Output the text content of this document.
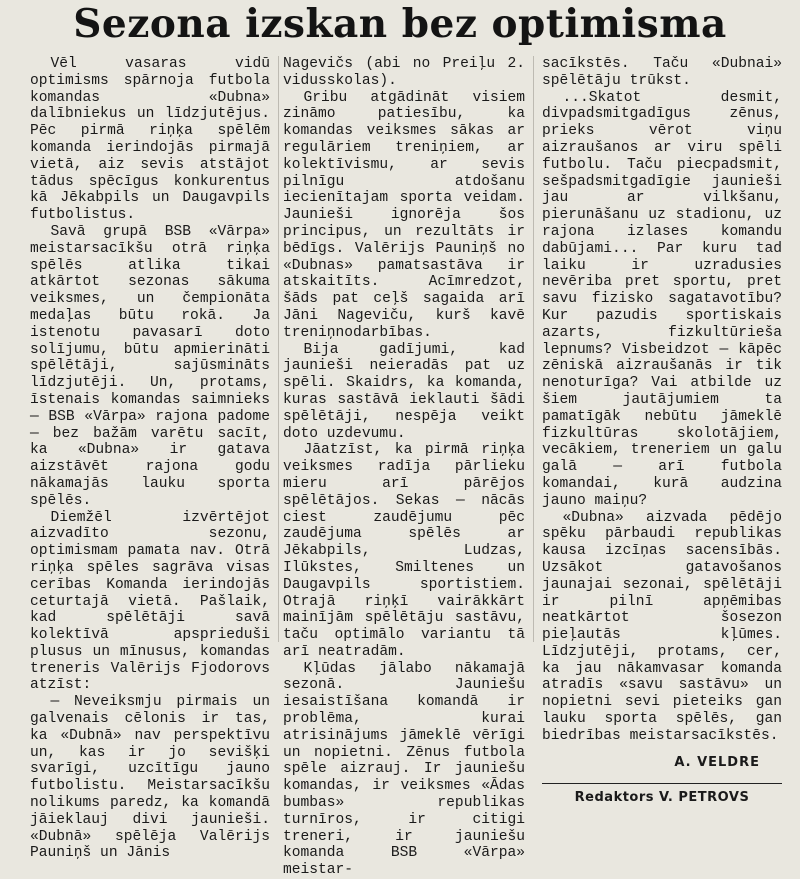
Sezona izskan bez optimisma

Vēl vasaras vidū optimisms spārnoja futbola komandas «Dubna» dalībniekus un līdzjutējus. Pēc pirmā riņķa spēlēm komanda ierindojās pirmajā vietā, aiz sevis atstājot tādus spēcīgus konkurentus kā Jēkabpils un Daugavpils futbolistus.

Savā grupā BSB «Vārpa» meistarsacīkšu otrā riņķa spēlēs atlika tikai atkārtot sezonas sākuma veiksmes, un čempionāta medaļas būtu rokā. Ja istenotu pavasarī doto solījumu, būtu apmierināti spēlētāji, sajūsmināts līdzjutēji. Un, protams, īstenais komandas saimnieks — BSB «Vārpa» rajona padome — bez bažām varētu sacīt, ka «Dubna» ir gatava aizstāvēt rajona godu nākamajās lauku sporta spēlēs.

Diemžēl izvērtējot aizvadīto sezonu, optimismam pamata nav. Otrā riņķa spēles sagrāva visas cerības Komanda ierindojās ceturtajā vietā. Pašlaik, kad spēlētāji savā kolektīvā apsprieduši plusus un mīnusus, komandas treneris Valērijs Fjodorovs atzīst:

— Neveiksmju pirmais un galvenais cēlonis ir tas, ka «Dubnā» nav perspektīvu un, kas ir jo sevišķi svarīgi, uzcītīgu jauno futbolistu. Meistarsacīkšu nolikums paredz, ka komandā jāieklauj divi jaunieši. «Dubnā» spēlēja Valērijs Pauniņš un Jānis

Nagevičs (abi no Preiļu 2. vidusskolas).

Gribu atgādināt visiem zināmo patiesību, ka komandas veiksmes sākas ar regulāriem treniņiem, ar kolektīvismu, ar sevis pilnīgu atdošanu iecienītajam sporta veidam. Jaunieši ignorēja šos principus, un rezultāts ir bēdīgs. Valērijs Pauniņš no «Dubnas» pamatsastāva ir atskaitīts. Acīmredzot, šāds pat ceļš sagaida arī Jāni Nageviču, kurš kavē treniņnodarbības.

Bija gadījumi, kad jaunieši neieradās pat uz spēli. Skaidrs, ka komanda, kuras sastāvā ieklauti šādi spēlētāji, nespēja veikt doto uzdevumu.

Jāatzīst, ka pirmā riņķa veiksmes radīja pārlieku mieru arī pārējos spēlētājos. Sekas — nācās ciest zaudējumu pēc zaudējuma spēlēs ar Jēkabpils, Ludzas, Ilūkstes, Smiltenes un Daugavpils sportistiem. Otrajā riņķī vairākkārt mainījām spēlētāju sastāvu, taču optimālo variantu tā arī neatradām.

Kļūdas jālabo nākamajā sezonā. Jauniešu iesaistīšana komandā ir problēma, kurai atrisinājums jāmeklē vērīgi un nopietni. Zēnus futbola spēle aizrauj. Ir jauniešu komandas, ir veiksmes «Ādas bumbas» republikas turnīros, ir citigi treneri, ir jauniešu komanda BSB «Vārpa» meistar-

sacīkstēs. Taču «Dubnai» spēlētāju trūkst.

...Skatot desmit, divpadsmitgadīgus zēnus, prieks vērot viņu aizraušanos ar viru spēli futbolu. Taču piecpadsmit, sešpadsmitgadīgie jaunieši jau ar vilkšanu, pierunāšanu uz stadionu, uz rajona izlases komandu dabūjami... Par kuru tad laiku ir uzradusies nevēriba pret sportu, pret savu fizisko sagatavotību? Kur pazudis sportiskais azarts, fizkultūrieša lepnums? Visbeidzot — kāpēc zēniskā aizraušanās ir tik nenoturīga? Vai atbilde uz šiem jautājumiem ta pamatīgāk nebūtu jāmeklē fizkultūras skolotājiem, vecākiem, treneriem un galu galā — arī futbola komandai, kurā audzina jauno maiņu?

«Dubna» aizvada pēdējo spēku pārbaudi republikas kausa izcīņas sacensībās. Uzsākot gatavošanos jaunajai sezonai, spēlētāji ir pilnī apņēmibas neatkārtot šosezon pieļautās kļūmes. Līdzjutēji, protams, cer, ka jau nākamvasar komanda atradīs «savu sastāvu» un nopietni sevi pieteiks gan lauku sporta spēlēs, gan biedrības meistarsacīkstēs.

A. VELDRE
Redaktors V. PETROVS
